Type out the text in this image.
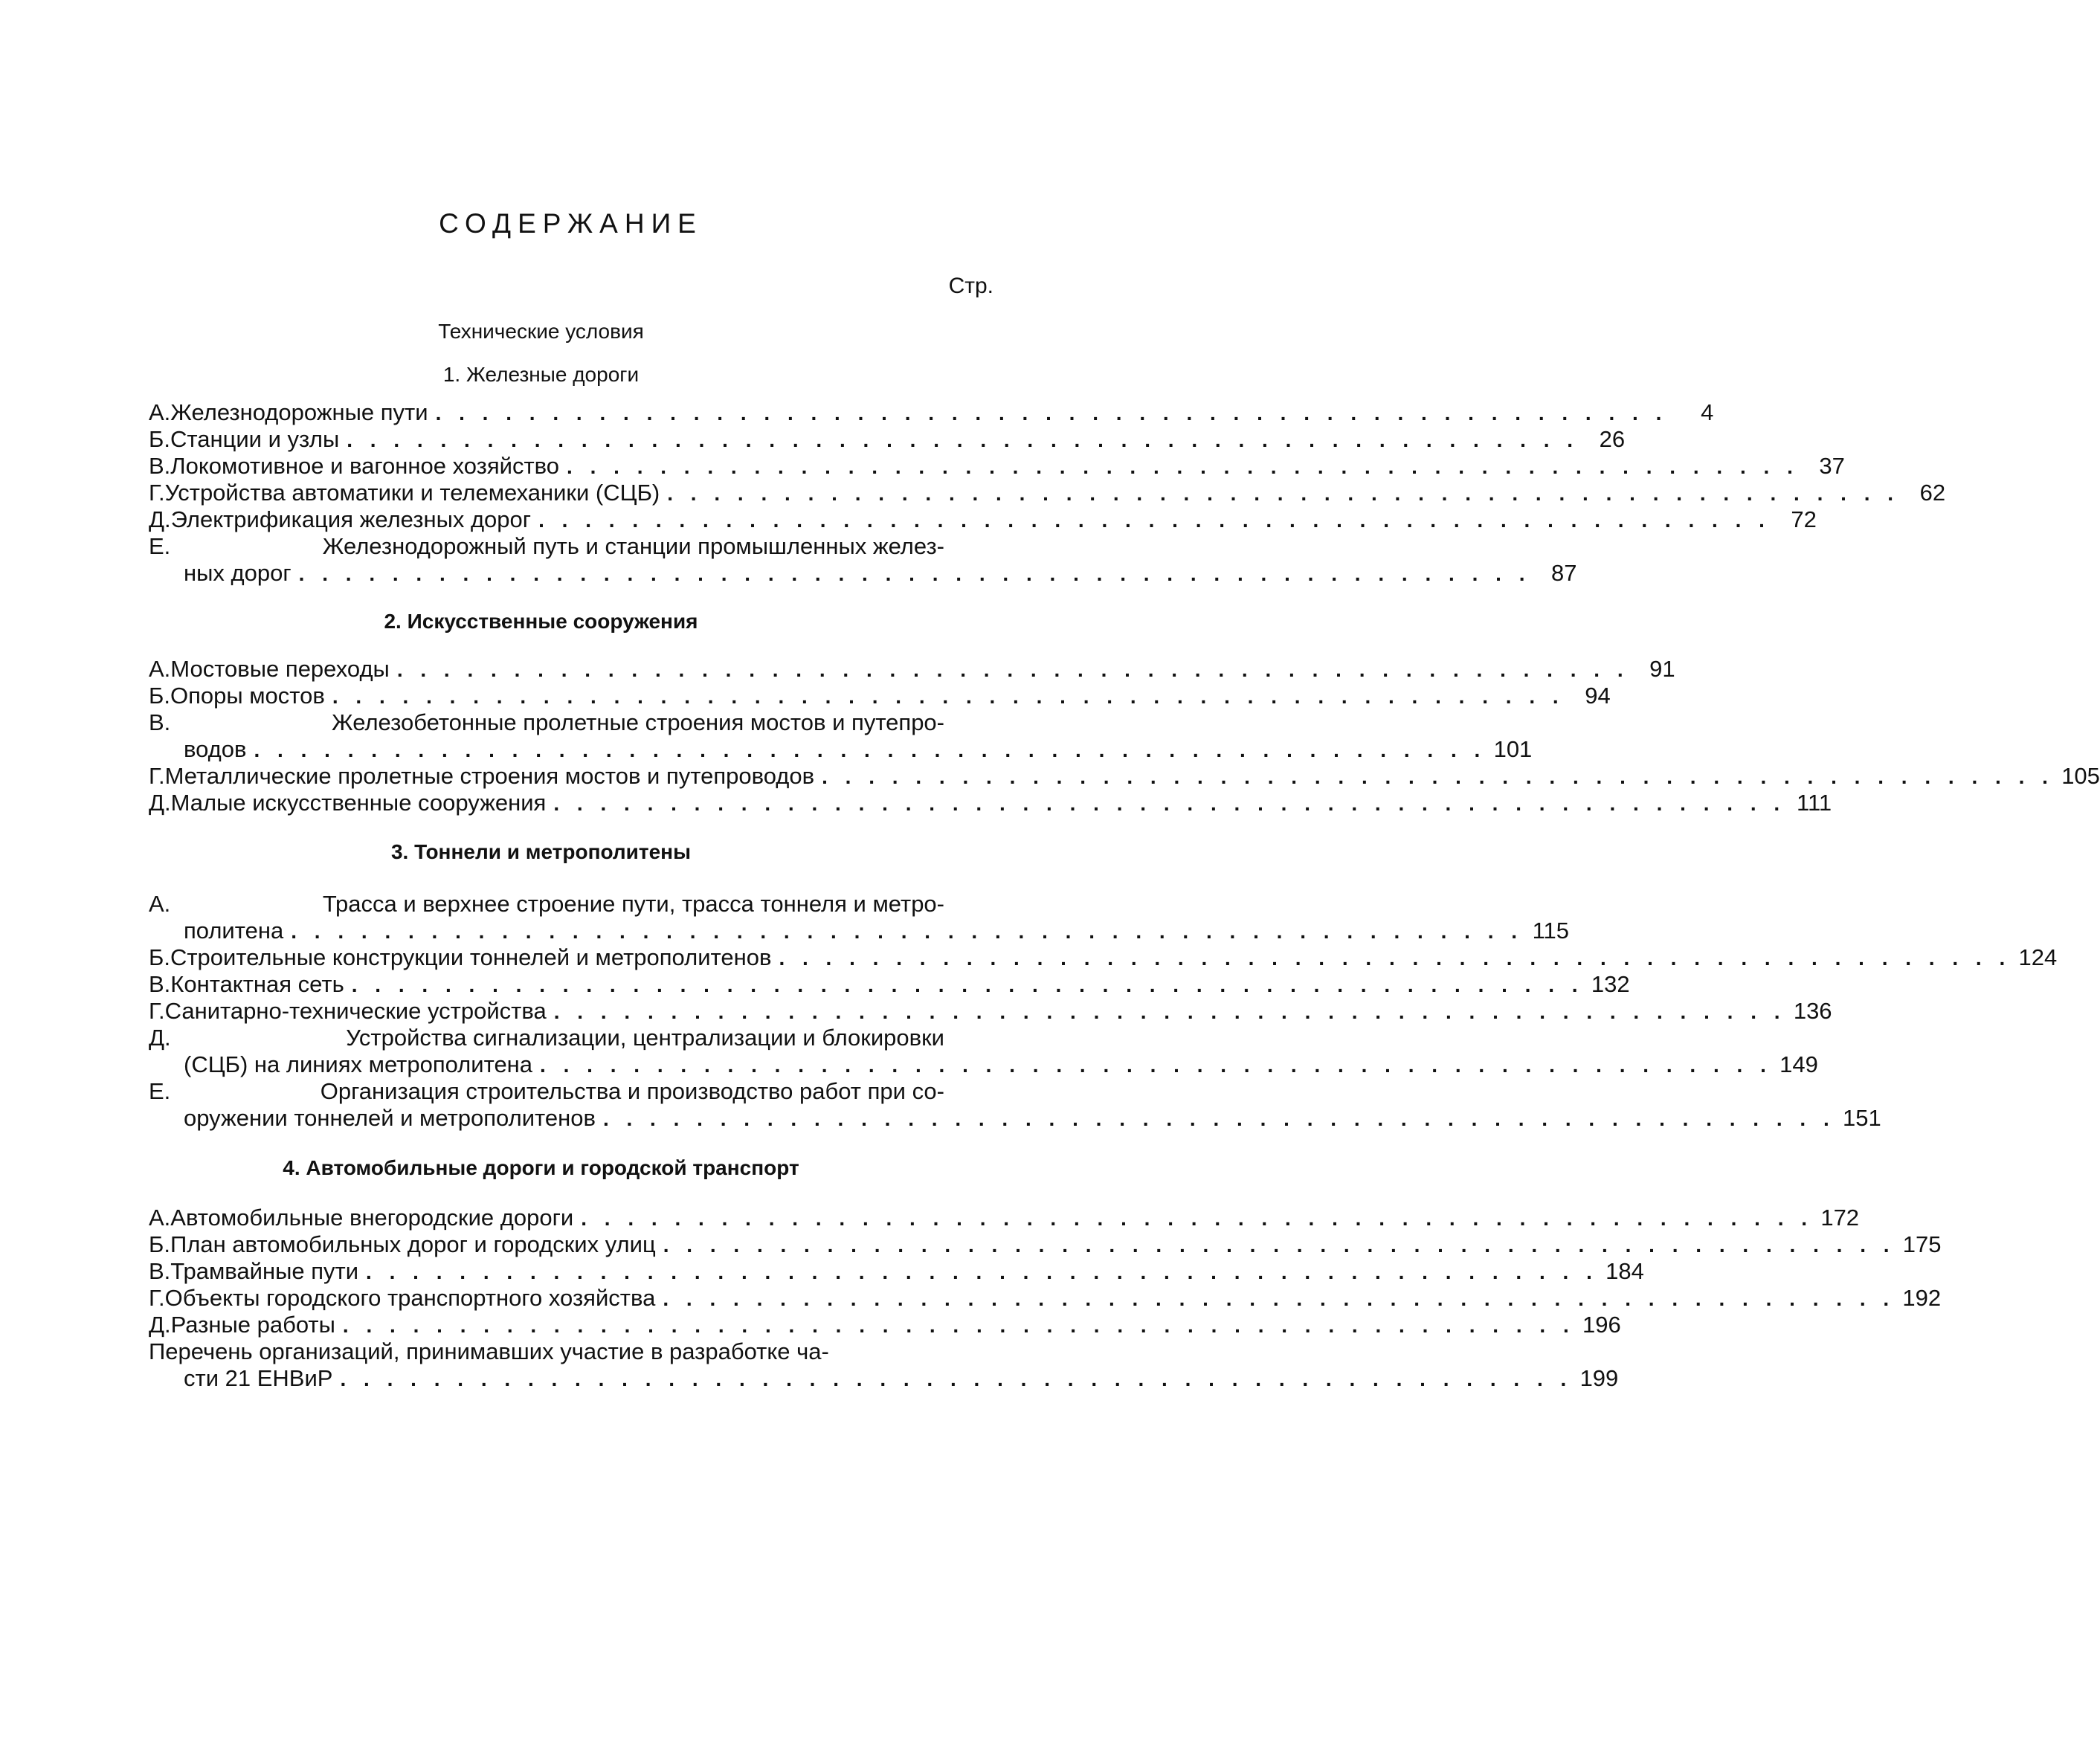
СОДЕРЖАНИЕ
Стр.
Технические условия
1. Железные дороги
А. Железнодорожные пути . . . . . . . . . . . . . . . . . . . . . . . . . . . . . . . . . . . . . . . . . . . . . . . . . . . . .	4
Б. Станции и узлы . . . . . . . . . . . . . . . . . . . . . . . . . . . . . . . . . . . . . . . . . . . . . . . . . . . . . 26
В. Локомотивное и вагонное хозяйство . . . . . . . . . . . . . . . . . . . . . . . . . . . . . . . . . . . . . . . . . . . . . . . . . . . . . 37
Г. Устройства автоматики и телемеханики (СЦБ) . . . . . . . . . . . . . . . . . . . . . . . . . . . . . . . . . . . . . . . . . . . . . . . . . . . . . 62
Д. Электрификация железных дорог . . . . . . . . . . . . . . . . . . . . . . . . . . . . . . . . . . . . . . . . . . . . . . . . . . . . . 72
Е.	Железнодорожный путь и станции промышленных желез-
ных дорог . . . . . . . . . . . . . . . . . . . . . . . . . . . . . . . . . . . . . . . . . . . . . . . . . . . . . 87
2. Искусственные сооружения
А. Мостовые переходы . . . . . . . . . . . . . . . . . . . . . . . . . . . . . . . . . . . . . . . . . . . . . . . . . . . . . 91
Б. Опоры мостов . . . . . . . . . . . . . . . . . . . . . . . . . . . . . . . . . . . . . . . . . . . . . . . . . . . . . 94
В.	Железобетонные пролетные строения мостов и путепро-
водов . . . . . . . . . . . . . . . . . . . . . . . . . . . . . . . . . . . . . . . . . . . . . . . . . . . . . 101
Г. Металлические пролетные строения мостов и путепроводов . . . . . . . . . . . . . . . . . . . . . . . . . . . . . . . . . . . . . . . . . . . . . . . . . . . . . 105
Д. Малые искусственные сооружения . . . . . . . . . . . . . . . . . . . . . . . . . . . . . . . . . . . . . . . . . . . . . . . . . . . . . 111
3. Тоннели и метрополитены
А.	Трасса и верхнее строение пути, трасса тоннеля и метро-
политена . . . . . . . . . . . . . . . . . . . . . . . . . . . . . . . . . . . . . . . . . . . . . . . . . . . . . 115
Б. Строительные конструкции тоннелей и метрополитенов . . . . . . . . . . . . . . . . . . . . . . . . . . . . . . . . . . . . . . . . . . . . . . . . . . . . . 124
В. Контактная сеть . . . . . . . . . . . . . . . . . . . . . . . . . . . . . . . . . . . . . . . . . . . . . . . . . . . . . 132
Г. Санитарно-технические устройства . . . . . . . . . . . . . . . . . . . . . . . . . . . . . . . . . . . . . . . . . . . . . . . . . . . . . 136
Д.	Устройства сигнализации, централизации и блокировки
(СЦБ) на линиях метрополитена . . . . . . . . . . . . . . . . . . . . . . . . . . . . . . . . . . . . . . . . . . . . . . . . . . . . . 149
Е.	Организация строительства и производство работ при со-
оружении тоннелей и метрополитенов . . . . . . . . . . . . . . . . . . . . . . . . . . . . . . . . . . . . . . . . . . . . . . . . . . . . . 151
4. Автомобильные дороги и городской транспорт
А. Автомобильные внегородские дороги . . . . . . . . . . . . . . . . . . . . . . . . . . . . . . . . . . . . . . . . . . . . . . . . . . . . . 172
Б. План автомобильных дорог и городских улиц . . . . . . . . . . . . . . . . . . . . . . . . . . . . . . . . . . . . . . . . . . . . . . . . . . . . . 175
В. Трамвайные пути . . . . . . . . . . . . . . . . . . . . . . . . . . . . . . . . . . . . . . . . . . . . . . . . . . . . . 184
Г. Объекты городского транспортного хозяйства . . . . . . . . . . . . . . . . . . . . . . . . . . . . . . . . . . . . . . . . . . . . . . . . . . . . . 192
Д. Разные работы . . . . . . . . . . . . . . . . . . . . . . . . . . . . . . . . . . . . . . . . . . . . . . . . . . . . . 196
Перечень организаций, принимавших участие в разработке ча-
сти 21 ЕНВиР . . . . . . . . . . . . . . . . . . . . . . . . . . . . . . . . . . . . . . . . . . . . . . . . . . . . . 199
